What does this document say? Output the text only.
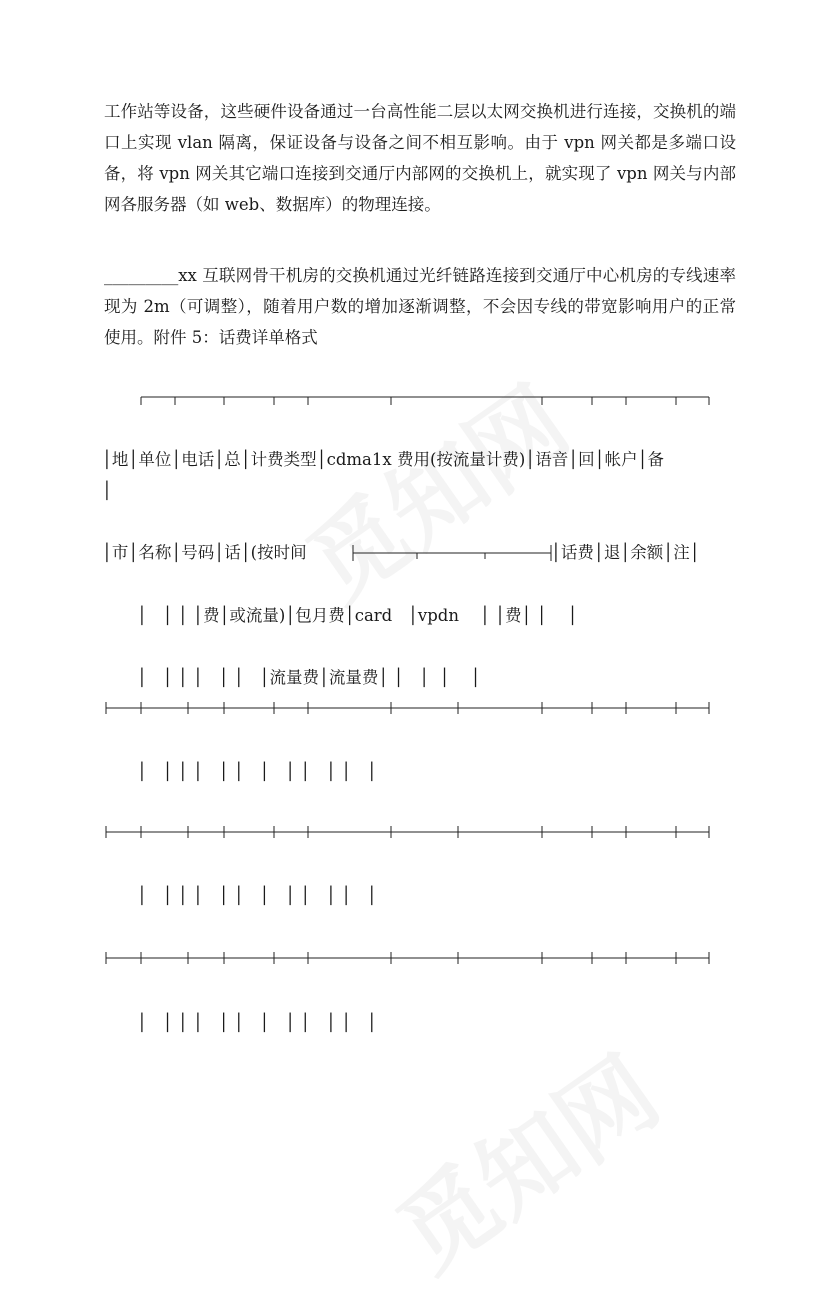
工作站等设备，这些硬件设备通过一台高性能二层以太网交换机进行连接，交换机的端口上实现 vlan 隔离，保证设备与设备之间不相互影响。由于 vpn 网关都是多端口设备，将 vpn 网关其它端口连接到交通厅内部网的交换机上，就实现了 vpn 网关与内部网各服务器（如 web、数据库）的物理连接。

_________xx 互联网骨干机房的交换机通过光纤链路连接到交通厅中心机房的专线速率现为 2m（可调整），随着用户数的增加逐渐调整，不会因专线的带宽影响用户的正常使用。附件 5：话费详单格式

│地│单位│电话│总│计费类型│cdma1x 费用(按流量计费)│语音│回│帐户│备

│

│市│名称│号码│话│(按时间	│话费│退│余额│注│

│   │ │ │费│或流量)│包月费│card   │vpdn    │ │费│ │    │

│   │ │ │   │ │   │流量费│流量费│ │   │  │    │

│   │ │ │   │ │   │   │ │   │ │   │

│   │ │ │   │ │   │   │ │   │ │   │

│   │ │ │   │ │   │   │ │   │ │   │
